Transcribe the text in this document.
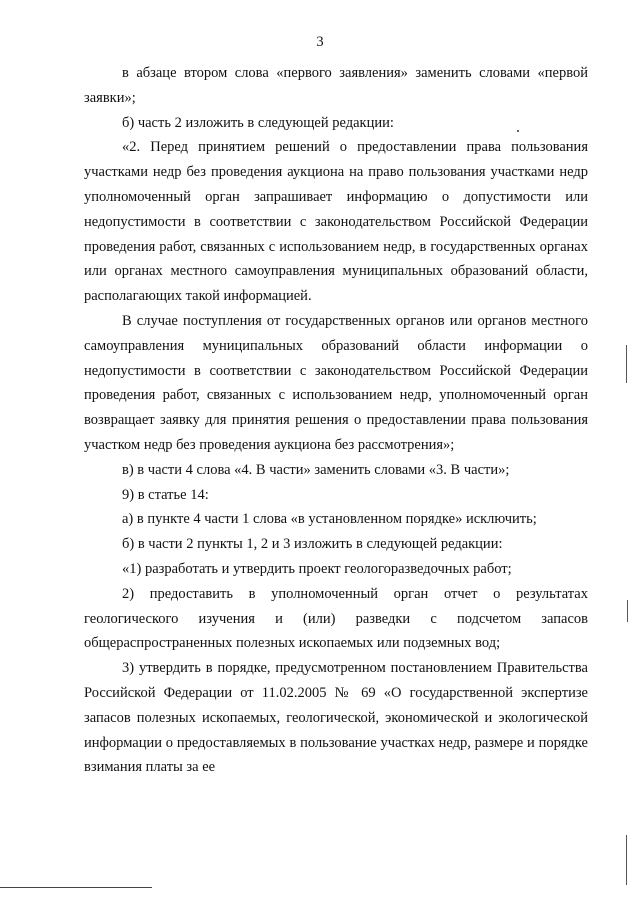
3

в абзаце втором слова «первого заявления» заменить словами «первой заявки»;

б) часть 2 изложить в следующей редакции:

«2. Перед принятием решений о предоставлении права пользования участками недр без проведения аукциона на право пользования участками недр уполномоченный орган запрашивает информацию о допустимости или недопустимости в соответствии с законодательством Российской Федерации проведения работ, связанных с использованием недр, в государственных органах или органах местного самоуправления муниципальных образований области, располагающих такой информацией.

В случае поступления от государственных органов или органов местного самоуправления муниципальных образований области информации о недопустимости в соответствии с законодательством Российской Федерации проведения работ, связанных с использованием недр, уполномоченный орган возвращает заявку для принятия решения о предоставлении права пользования участком недр без проведения аукциона без рассмотрения»;

в) в части 4 слова «4. В части» заменить словами «3. В части»;

9) в статье 14:

а) в пункте 4 части 1 слова «в установленном порядке» исключить;

б) в части 2 пункты 1, 2 и 3 изложить в следующей редакции:

«1) разработать и утвердить проект геологоразведочных работ;

2) предоставить в уполномоченный орган отчет о результатах геологического изучения и (или) разведки с подсчетом запасов общераспространенных полезных ископаемых или подземных вод;

3) утвердить в порядке, предусмотренном постановлением Правительства Российской Федерации от 11.02.2005 № 69 «О государственной экспертизе запасов полезных ископаемых, геологической, экономической и экологической информации о предоставляемых в пользование участках недр, размере и порядке взимания платы за ее
